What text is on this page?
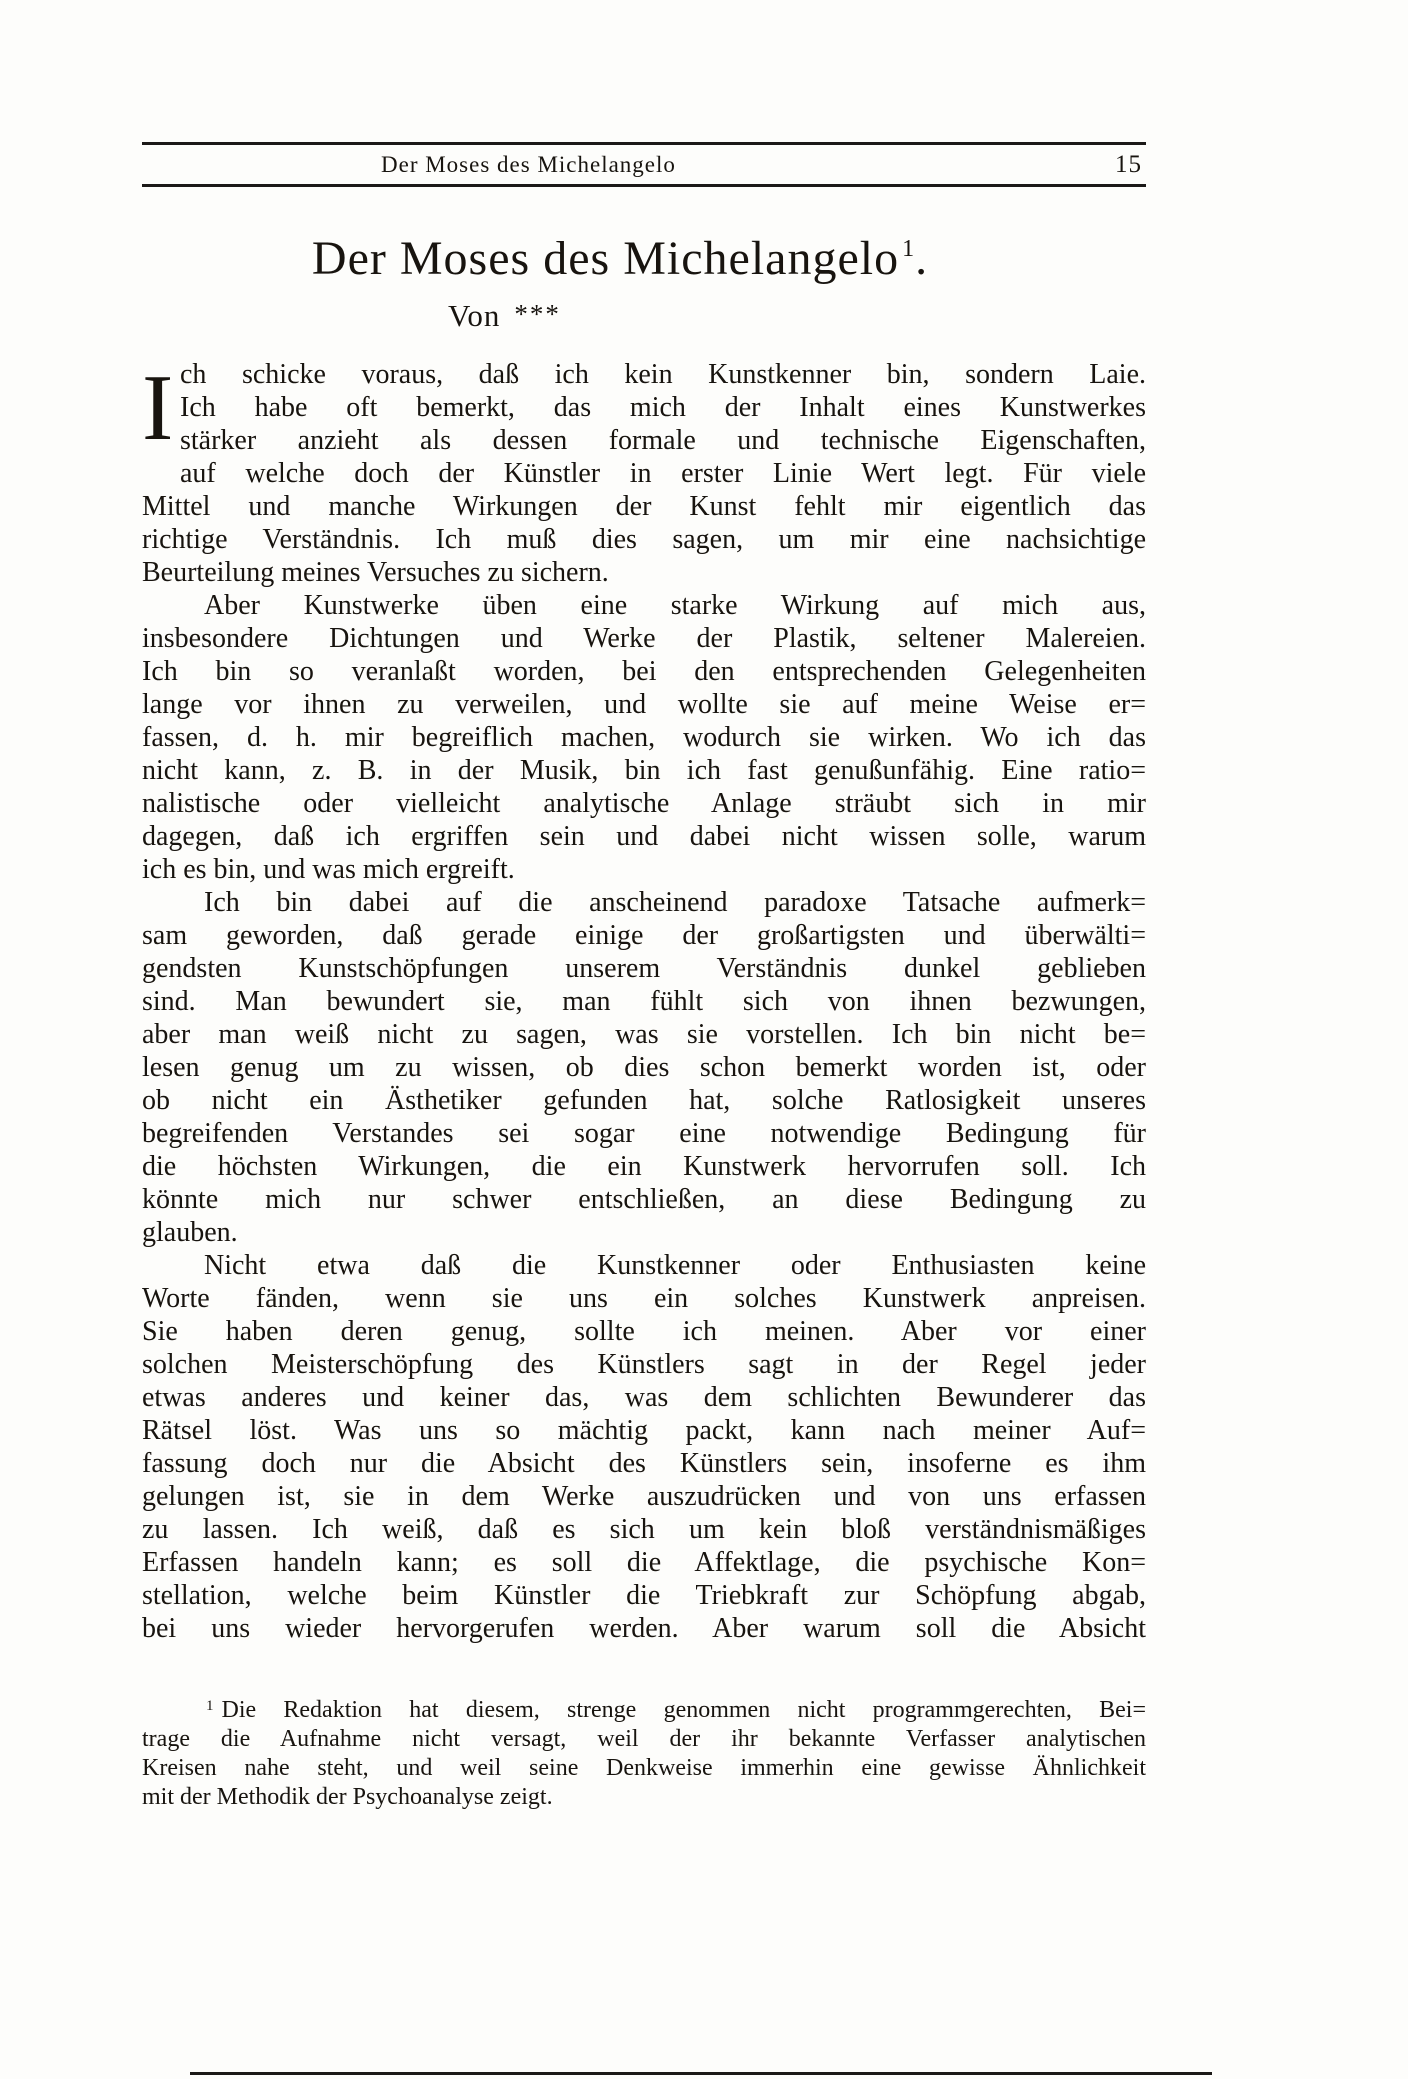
Der Moses des Michelangelo	15
Der Moses des Michelangelo $^1$.
Von ***
I ch schicke voraus, daß ich kein Kunstkenner bin, sondern Laie.
Ich habe oft bemerkt, das mich der Inhalt eines Kunstwerkes
stärker anzieht als dessen formale und technische Eigenschaften,
auf welche doch der Künstler in erster Linie Wert legt. Für viele
Mittel und manche Wirkungen der Kunst fehlt mir eigentlich das
richtige Verständnis. Ich muß dies sagen, um mir eine nachsichtige
Beurteilung meines Versuches zu sichern.
Aber Kunstwerke üben eine starke Wirkung auf mich aus,
insbesondere Dichtungen und Werke der Plastik, seltener Malereien.
Ich bin so veranlaßt worden, bei den entsprechenden Gelegenheiten
lange vor ihnen zu verweilen, und wollte sie auf meine Weise er=
fassen, d. h. mir begreiflich machen, wodurch sie wirken. Wo ich das
nicht kann, z. B. in der Musik, bin ich fast genußunfähig. Eine ratio=
nalistische oder vielleicht analytische Anlage sträubt sich in mir
dagegen, daß ich ergriffen sein und dabei nicht wissen solle, warum
ich es bin, und was mich ergreift.
Ich bin dabei auf die anscheinend paradoxe Tatsache aufmerk=
sam geworden, daß gerade einige der großartigsten und überwälti=
gendsten Kunstschöpfungen unserem Verständnis dunkel geblieben
sind. Man bewundert sie, man fühlt sich von ihnen bezwungen,
aber man weiß nicht zu sagen, was sie vorstellen. Ich bin nicht be=
lesen genug um zu wissen, ob dies schon bemerkt worden ist, oder
ob nicht ein Ästhetiker gefunden hat, solche Ratlosigkeit unseres
begreifenden Verstandes sei sogar eine notwendige Bedingung für
die höchsten Wirkungen, die ein Kunstwerk hervorrufen soll. Ich
könnte mich nur schwer entschließen, an diese Bedingung zu
glauben.
Nicht etwa daß die Kunstkenner oder Enthusiasten keine
Worte fänden, wenn sie uns ein solches Kunstwerk anpreisen.
Sie haben deren genug, sollte ich meinen. Aber vor einer
solchen Meisterschöpfung des Künstlers sagt in der Regel jeder
etwas anderes und keiner das, was dem schlichten Bewunderer das
Rätsel löst. Was uns so mächtig packt, kann nach meiner Auf=
fassung doch nur die Absicht des Künstlers sein, insoferne es ihm
gelungen ist, sie in dem Werke auszudrücken und von uns erfassen
zu lassen. Ich weiß, daß es sich um kein bloß verständnismäßiges
Erfassen handeln kann; es soll die Affektlage, die psychische Kon=
stellation, welche beim Künstler die Triebkraft zur Schöpfung abgab,
bei uns wieder hervorgerufen werden. Aber warum soll die Absicht
$^1$ Die Redaktion hat diesem, strenge genommen nicht programmgerechten, Bei=
trage die Aufnahme nicht versagt, weil der ihr bekannte Verfasser analytischen
Kreisen nahe steht, und weil seine Denkweise immerhin eine gewisse Ähnlichkeit
mit der Methodik der Psychoanalyse zeigt.
